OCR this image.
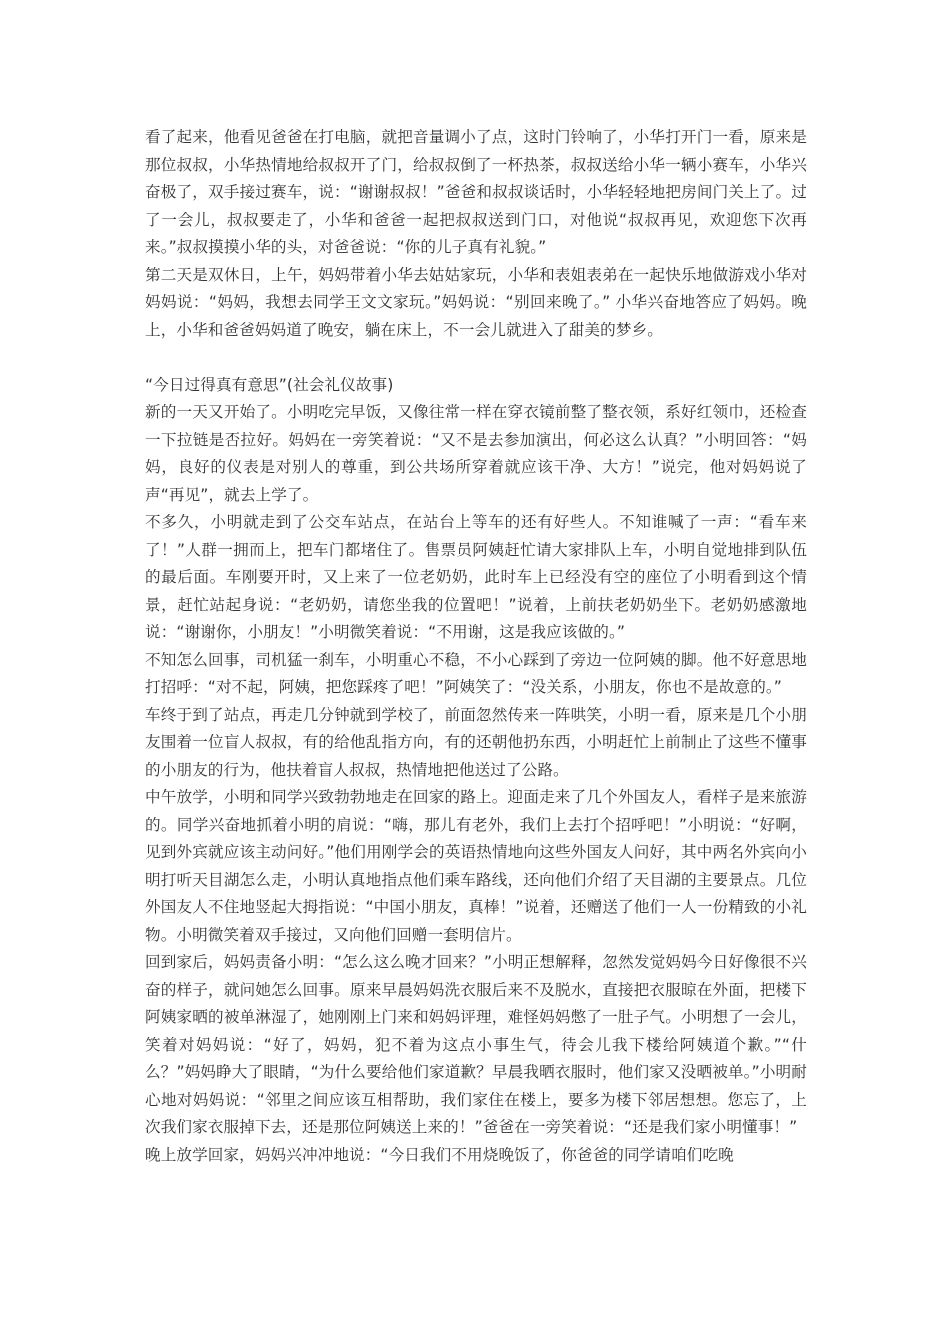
看了起来，他看见爸爸在打电脑，就把音量调小了点，这时门铃响了，小华打开门一看，原来是那位叔叔，小华热情地给叔叔开了门，给叔叔倒了一杯热茶，叔叔送给小华一辆小赛车，小华兴奋极了，双手接过赛车，说：“谢谢叔叔！”爸爸和叔叔谈话时，小华轻轻地把房间门关上了。过了一会儿，叔叔要走了，小华和爸爸一起把叔叔送到门口，对他说“叔叔再见，欢迎您下次再来。”叔叔摸摸小华的头，对爸爸说：“你的儿子真有礼貌。”

第二天是双休日，上午，妈妈带着小华去姑姑家玩，小华和表姐表弟在一起快乐地做游戏小华对妈妈说：“妈妈，我想去同学王文文家玩。”妈妈说：“别回来晚了。” 小华兴奋地答应了妈妈。晚上，小华和爸爸妈妈道了晚安，躺在床上，不一会儿就进入了甜美的梦乡。

“今日过得真有意思”(社会礼仪故事)

新的一天又开始了。小明吃完早饭，又像往常一样在穿衣镜前整了整衣领，系好红领巾，还检查一下拉链是否拉好。妈妈在一旁笑着说：“又不是去参加演出，何必这么认真？”小明回答：“妈妈，良好的仪表是对别人的尊重，到公共场所穿着就应该干净、大方！”说完，他对妈妈说了声“再见”，就去上学了。

不多久，小明就走到了公交车站点，在站台上等车的还有好些人。不知谁喊了一声：“看车来了！”人群一拥而上，把车门都堵住了。售票员阿姨赶忙请大家排队上车，小明自觉地排到队伍的最后面。车刚要开时，又上来了一位老奶奶，此时车上已经没有空的座位了小明看到这个情景，赶忙站起身说：“老奶奶，请您坐我的位置吧！”说着，上前扶老奶奶坐下。老奶奶感激地说：“谢谢你，小朋友！”小明微笑着说：“不用谢，这是我应该做的。”

不知怎么回事，司机猛一刹车，小明重心不稳，不小心踩到了旁边一位阿姨的脚。他不好意思地打招呼：“对不起，阿姨，把您踩疼了吧！”阿姨笑了：“没关系，小朋友，你也不是故意的。”

车终于到了站点，再走几分钟就到学校了，前面忽然传来一阵哄笑，小明一看，原来是几个小朋友围着一位盲人叔叔，有的给他乱指方向，有的还朝他扔东西，小明赶忙上前制止了这些不懂事的小朋友的行为，他扶着盲人叔叔，热情地把他送过了公路。

中午放学，小明和同学兴致勃勃地走在回家的路上。迎面走来了几个外国友人，看样子是来旅游的。同学兴奋地抓着小明的肩说：“嗨，那儿有老外，我们上去打个招呼吧！”小明说：“好啊，见到外宾就应该主动问好。”他们用刚学会的英语热情地向这些外国友人问好，其中两名外宾向小明打听天目湖怎么走，小明认真地指点他们乘车路线，还向他们介绍了天目湖的主要景点。几位外国友人不住地竖起大拇指说：“中国小朋友，真棒！”说着，还赠送了他们一人一份精致的小礼物。小明微笑着双手接过，又向他们回赠一套明信片。

回到家后，妈妈责备小明：“怎么这么晚才回来？”小明正想解释，忽然发觉妈妈今日好像很不兴奋的样子，就问她怎么回事。原来早晨妈妈洗衣服后来不及脱水，直接把衣服晾在外面，把楼下阿姨家晒的被单淋湿了，她刚刚上门来和妈妈评理，难怪妈妈憋了一肚子气。小明想了一会儿，笑着对妈妈说：“好了，妈妈，犯不着为这点小事生气，待会儿我下楼给阿姨道个歉。”“什么？”妈妈睁大了眼睛，“为什么要给他们家道歉？早晨我晒衣服时，他们家又没晒被单。”小明耐心地对妈妈说：“邻里之间应该互相帮助，我们家住在楼上，要多为楼下邻居想想。您忘了，上次我们家衣服掉下去，还是那位阿姨送上来的！”爸爸在一旁笑着说：“还是我们家小明懂事！”

晚上放学回家，妈妈兴冲冲地说：“今日我们不用烧晚饭了，你爸爸的同学请咱们吃晚
